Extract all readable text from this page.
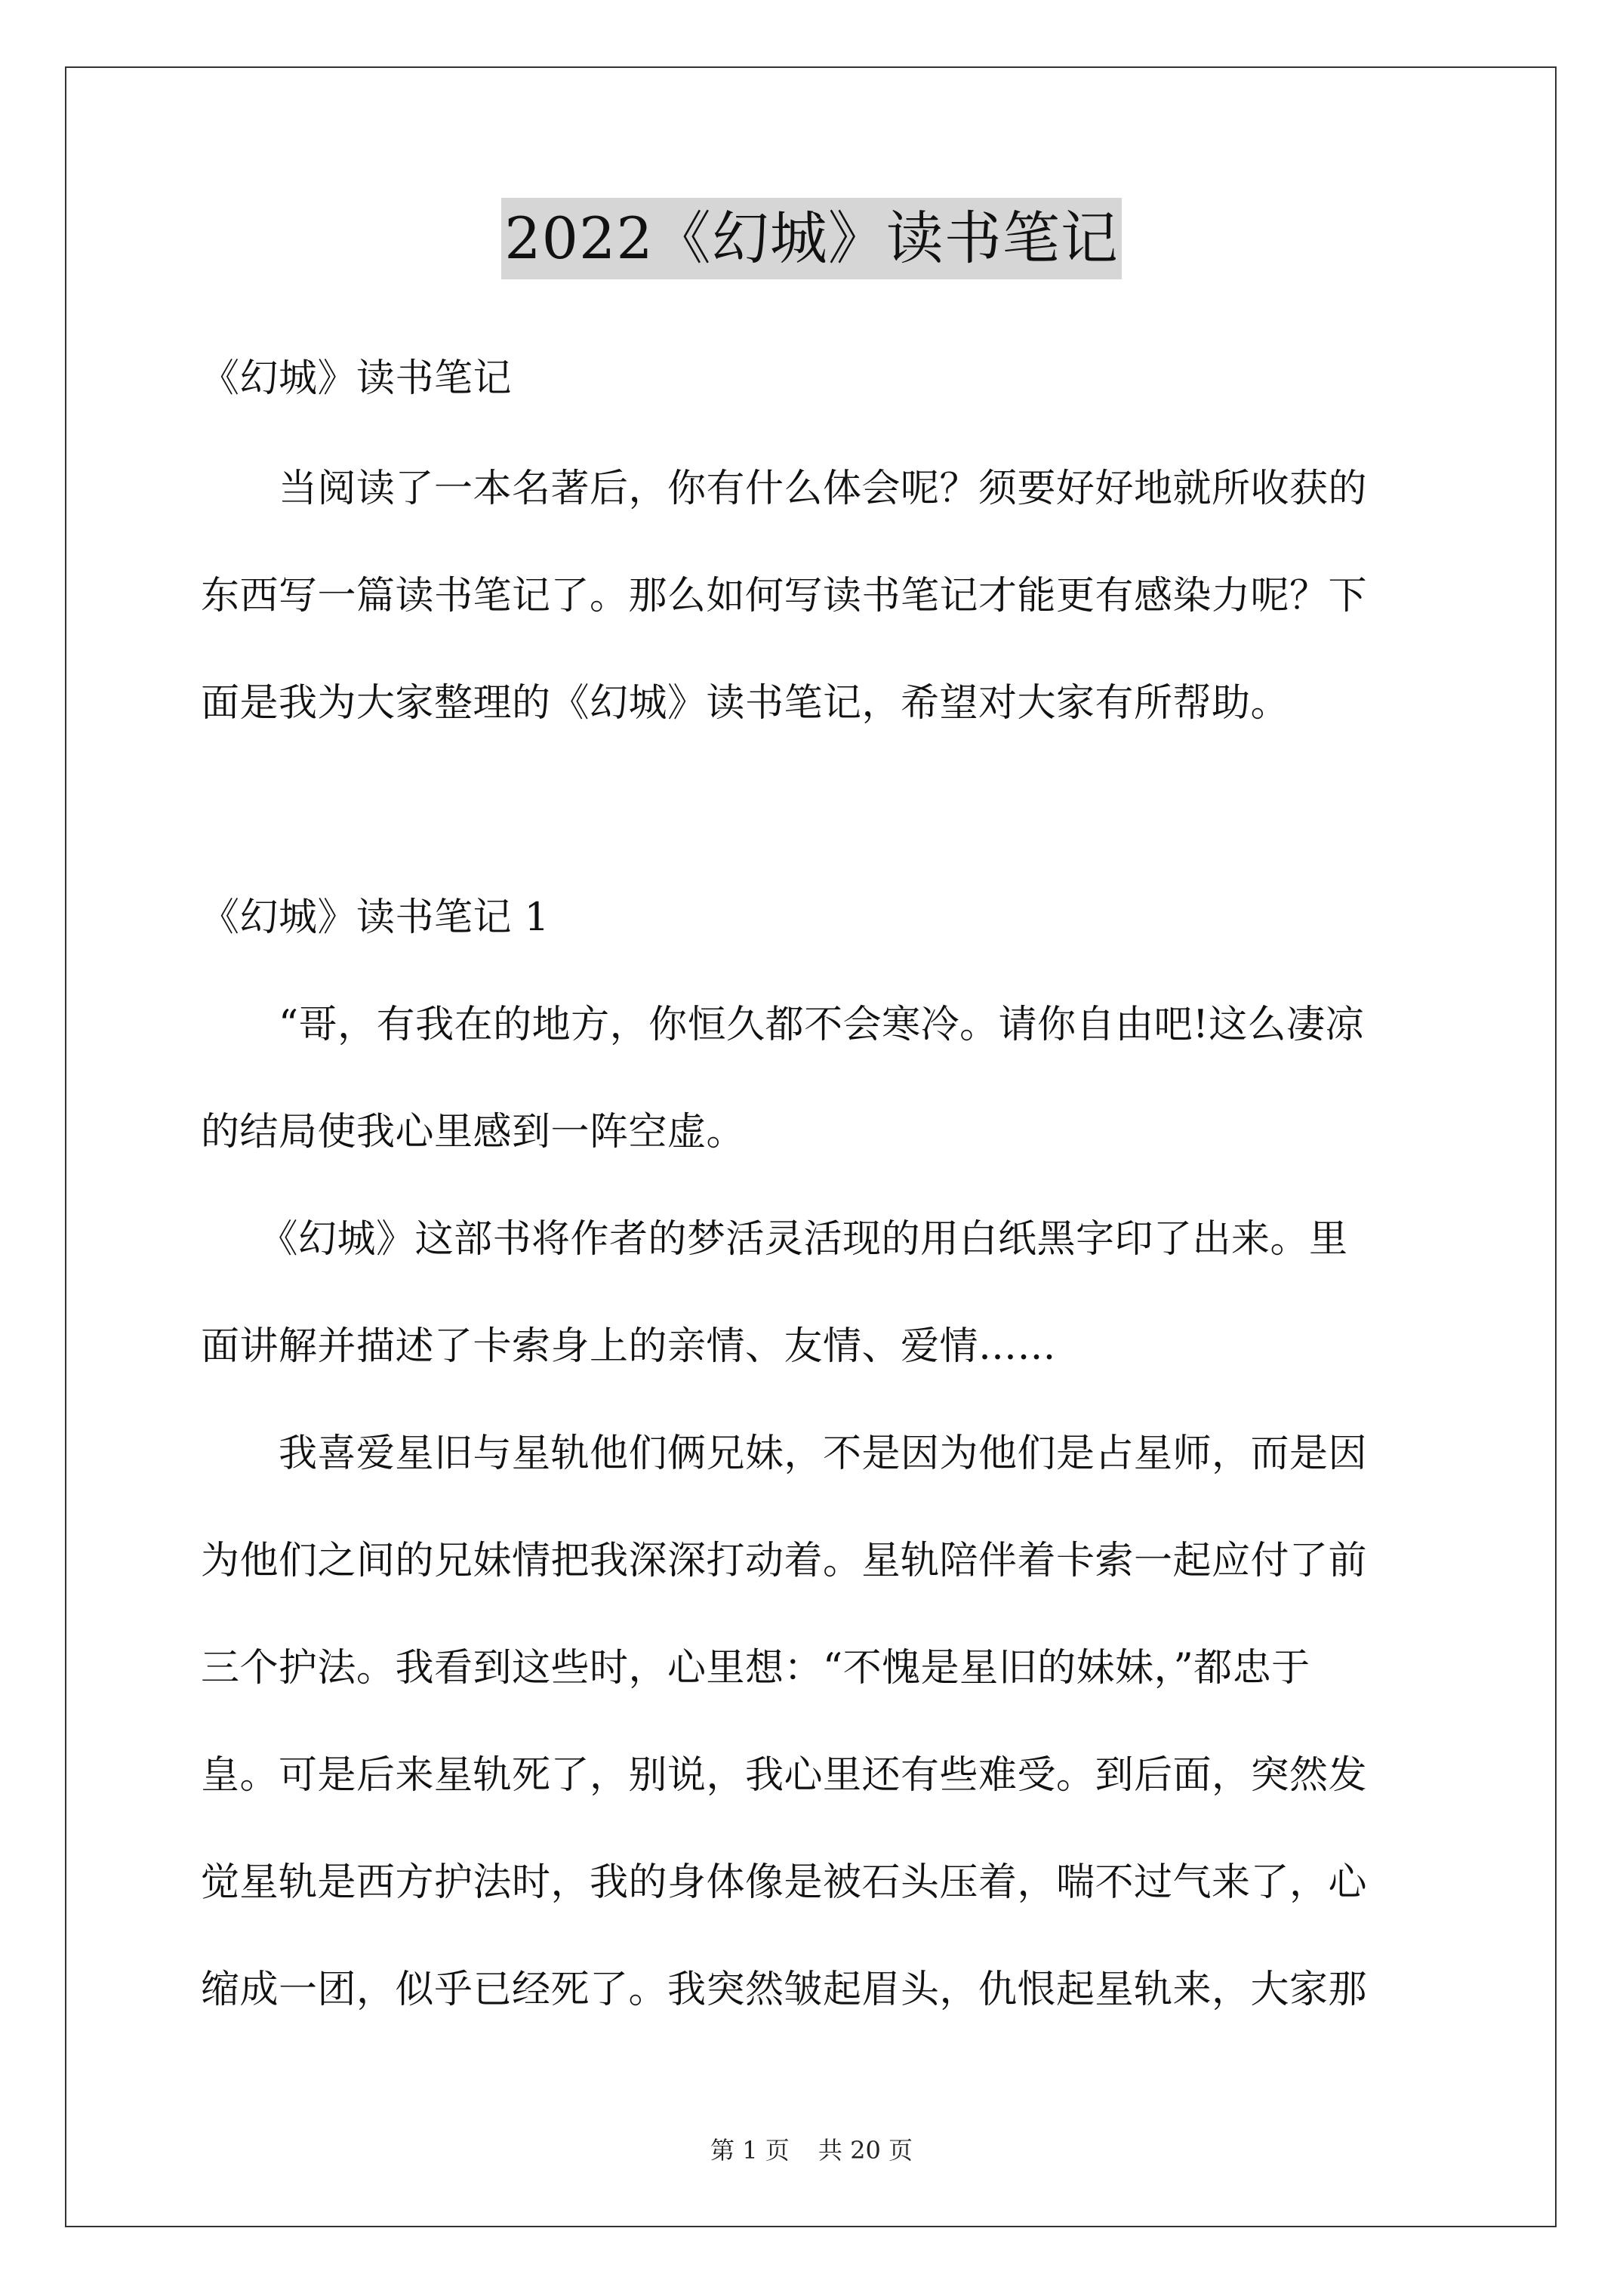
2022《幻城》读书笔记
《幻城》读书笔记
　　当阅读了一本名著后，你有什么体会呢？须要好好地就所收获的
东西写一篇读书笔记了。那么如何写读书笔记才能更有感染力呢？下
面是我为大家整理的《幻城》读书笔记，希望对大家有所帮助。
《幻城》读书笔记 1
　　“哥，有我在的地方，你恒久都不会寒冷。请你自由吧!这么凄凉
的结局使我心里感到一阵空虚。
　　《幻城》这部书将作者的梦活灵活现的用白纸黑字印了出来。里
面讲解并描述了卡索身上的亲情、友情、爱情……
　　我喜爱星旧与星轨他们俩兄妹，不是因为他们是占星师，而是因
为他们之间的兄妹情把我深深打动着。星轨陪伴着卡索一起应付了前
三个护法。我看到这些时，心里想：“不愧是星旧的妹妹，”都忠于
皇。可是后来星轨死了，别说，我心里还有些难受。到后面，突然发
觉星轨是西方护法时，我的身体像是被石头压着，喘不过气来了，心
缩成一团，似乎已经死了。我突然皱起眉头，仇恨起星轨来，大家那
第 1 页 共 20 页
